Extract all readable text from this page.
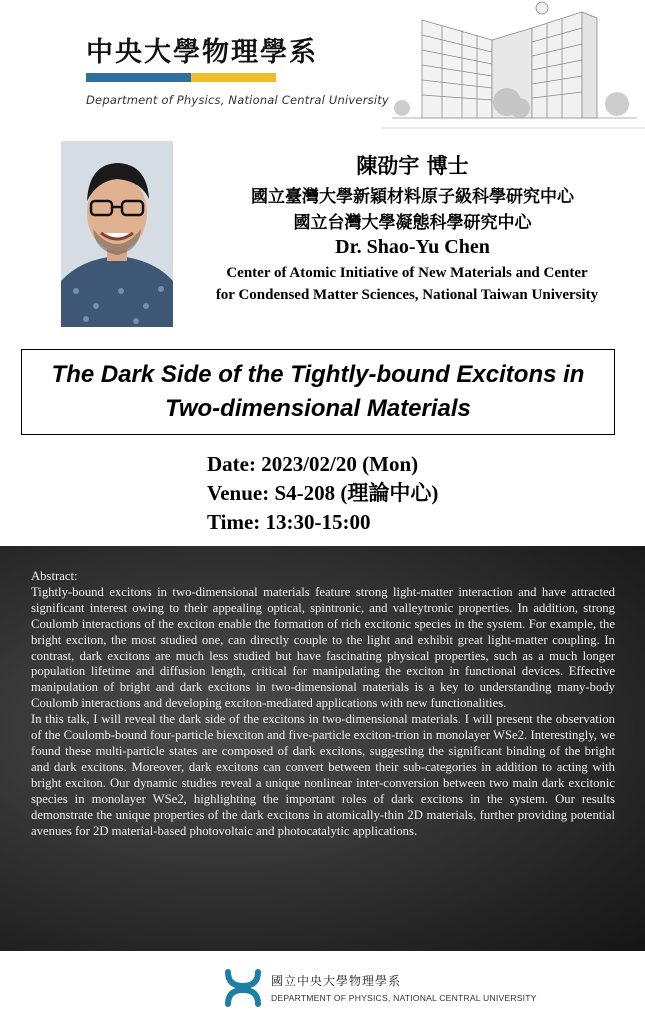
中央大學物理學系
Department of Physics, National Central University
陳劭宇 博士
國立臺灣大學新穎材料原子級科學研究中心
國立台灣大學凝態科學研究中心
Dr. Shao-Yu Chen
Center of Atomic Initiative of New Materials and Center
for Condensed Matter Sciences, National Taiwan University
The Dark Side of the Tightly-bound Excitons in
Two-dimensional Materials
Date: 2023/02/20 (Mon)
Venue: S4-208 (理論中心)
Time: 13:30-15:00

Abstract:

Tightly-bound excitons in two-dimensional materials feature strong light-matter interaction and have attracted significant interest owing to their appealing optical, spintronic, and valleytronic properties. In addition, strong Coulomb interactions of the exciton enable the formation of rich excitonic species in the system. For example, the bright exciton, the most studied one, can directly couple to the light and exhibit great light-matter coupling. In contrast, dark excitons are much less studied but have fascinating physical properties, such as a much longer population lifetime and diffusion length, critical for manipulating the exciton in functional devices. Effective manipulation of bright and dark excitons in two-dimensional materials is a key to understanding many-body Coulomb interactions and developing exciton-mediated applications with new functionalities.

In this talk, I will reveal the dark side of the excitons in two-dimensional materials. I will present the observation of the Coulomb-bound four-particle biexciton and five-particle exciton-trion in monolayer WSe2. Interestingly, we found these multi-particle states are composed of dark excitons, suggesting the significant binding of the bright and dark excitons. Moreover, dark excitons can convert between their sub-categories in addition to acting with bright exciton. Our dynamic studies reveal a unique nonlinear inter-conversion between two main dark excitonic species in monolayer WSe2, highlighting the important roles of dark excitons in the system. Our results demonstrate the unique properties of the dark excitons in atomically-thin 2D materials, further providing potential avenues for 2D material-based photovoltaic and photocatalytic applications.

國立中央大學物理學系
DEPARTMENT OF PHYSICS, NATIONAL CENTRAL UNIVERSITY
